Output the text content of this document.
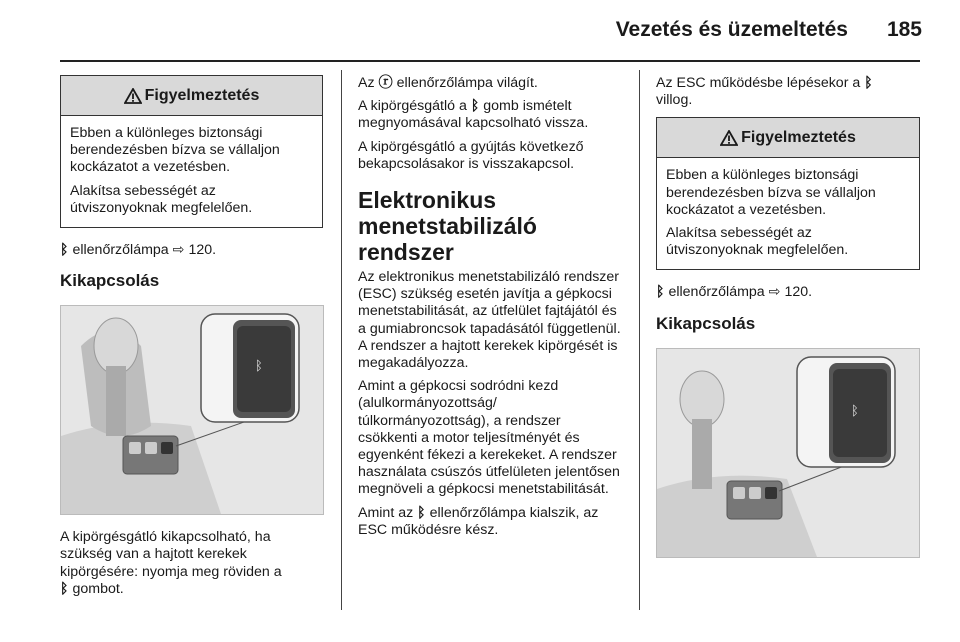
Vezetés és üzemeltetés	185
Figyelmeztetés

Ebben a különleges biztonsági berendezésben bízva se vállaljon kockázatot a vezetésben.

Alakítsa sebességét az útviszonyoknak megfelelően.

ᛒ ellenőrzőlámpa ⇨ 120.

Kikapcsolás
ᛒ

A kipörgésgátló kikapcsolható, ha szükség van a hajtott kerekek kipörgésére: nyomja meg röviden a
ᛒ gombot.

Az ⓡ ellenőrzőlámpa világít.

A kipörgésgátló a ᛒ gomb ismételt megnyomásával kapcsolható vissza.

A kipörgésgátló a gyújtás következő bekapcsolásakor is visszakapcsol.

Elektronikus menetstabilizáló rendszer

Az elektronikus menetstabilizáló rendszer (ESC) szükség esetén javítja a gépkocsi menetstabilitását, az útfelület fajtájától és a gumiabroncsok tapadásától függetlenül. A rendszer a hajtott kerekek kipörgését is megakadályozza.

Amint a gépkocsi sodródni kezd (alulkormányozottság/ túlkormányozottság), a rendszer csökkenti a motor teljesítményét és egyenként fékezi a kerekeket. A rendszer használata csúszós útfelületen jelentősen megnöveli a gépkocsi menetstabilitását.

Amint az ᛒ ellenőrzőlámpa kialszik, az ESC működésre kész.

Az ESC működésbe lépésekor a ᛒ
villog.

Figyelmeztetés

Ebben a különleges biztonsági berendezésben bízva se vállaljon kockázatot a vezetésben.

Alakítsa sebességét az útviszonyoknak megfelelően.

ᛒ ellenőrzőlámpa ⇨ 120.

Kikapcsolás
ᛒ
